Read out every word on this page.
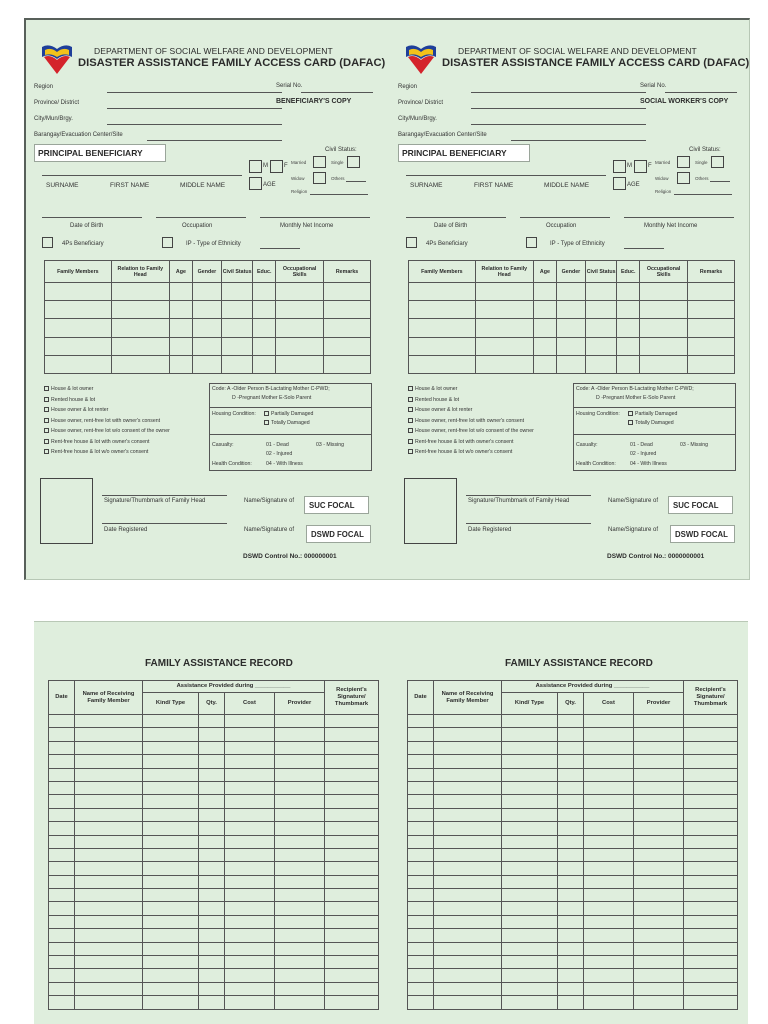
DEPARTMENT OF SOCIAL WELFARE AND DEVELOPMENT
DISASTER ASSISTANCE FAMILY ACCESS CARD (DAFAC)
Region	Serial No.
Province/ District	BENEFICIARY'S COPY
City/Mun/Brgy.
Barangay/Evacuation Center/Site
PRINCIPAL BENEFICIARY
SURNAME	FIRST NAME	MIDDLE NAME
M	F
AGE
Civil Status:
Married	Single
Widow	Others
Religion
Date of Birth	Occupation	Monthly Net Income
4Ps Beneficiary	IP - Type of Ethnicity
Family Members	Relation to Family Head	Age	Gender	Civil Status	Educ.	Occupational Skills	Remarks

House & lot owner
Rented house & lot
House owner & lot renter
House owner, rent-free lot with owner's consent
House owner, rent-free lot w/o consent of the owner
Rent-free house & lot with owner's consent
Rent-free house & lot w/o owner's consent
Code: A -Older Person B-Lactating Mother C-PWD;
D -Pregnant Mother E-Solo Parent
Housing Condition:	Partially Damaged
Totally Damaged
Casualty:	01 - Dead	03 - Missing
02 - Injured
Health Condition:	04 - With Illness
Signature/Thumbmark of Family Head	Name/Signature of	SUC FOCAL
Date Registered	Name/Signature of	DSWD FOCAL
DSWD Control No.: 000000001
DEPARTMENT OF SOCIAL WELFARE AND DEVELOPMENT
DISASTER ASSISTANCE FAMILY ACCESS CARD (DAFAC)
Region	Serial No.
Province/ District	SOCIAL WORKER'S COPY
City/Mun/Brgy.
Barangay/Evacuation Center/Site
PRINCIPAL BENEFICIARY
SURNAME	FIRST NAME	MIDDLE NAME
M	F
AGE
Civil Status:
Married	Single
Widow	Others
Religion
Date of Birth	Occupation	Monthly Net Income
4Ps Beneficiary	IP - Type of Ethnicity
Family Members	Relation to Family Head	Age	Gender	Civil Status	Educ.	Occupational Skills	Remarks

House & lot owner
Rented house & lot
House owner & lot renter
House owner, rent-free lot with owner's consent
House owner, rent-free lot w/o consent of the owner
Rent-free house & lot with owner's consent
Rent-free house & lot w/o owner's consent
Code: A -Older Person B-Lactating Mother C-PWD;
D -Pregnant Mother E-Solo Parent
Housing Condition:	Partially Damaged
Totally Damaged
Casualty:	01 - Dead	03 - Missing
02 - Injured
Health Condition:	04 - With Illness
Signature/Thumbmark of Family Head	Name/Signature of	SUC FOCAL
Date Registered	Name/Signature of	DSWD FOCAL
DSWD Control No.: 0000000001
FAMILY ASSISTANCE RECORD
Date	Name of Receiving Family Member	Assistance Provided during ___________				Recipient's Signature/ Thumbmark
		Kind/ Type	Qty.	Cost	Provider	

FAMILY ASSISTANCE RECORD
Date	Name of Receiving Family Member	Assistance Provided during ___________				Recipient's Signature/ Thumbmark
		Kind/ Type	Qty.	Cost	Provider	
